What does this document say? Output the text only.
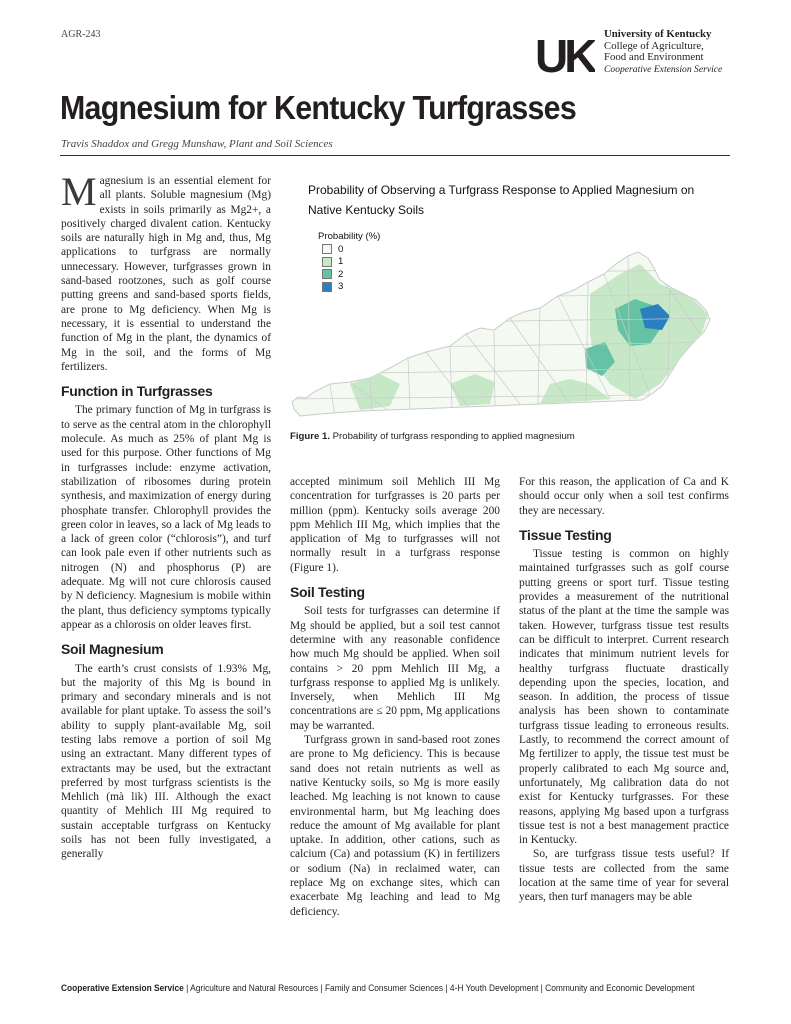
AGR-243	UK University of Kentucky
College of Agriculture,
Food and Environment
Cooperative Extension Service
Magnesium for Kentucky Turfgrasses
Travis Shaddox and Gregg Munshaw, Plant and Soil Sciences

Magnesium is an essential element for all plants. Soluble magnesium (Mg) exists in soils primarily as Mg2+, a positively charged divalent cation. Kentucky soils are naturally high in Mg and, thus, Mg applications to turfgrass are normally unnecessary. However, turfgrasses grown in sand-based rootzones, such as golf course putting greens and sand-based sports fields, are prone to Mg deficiency. When Mg is necessary, it is essential to understand the function of Mg in the plant, the dynamics of Mg in the soil, and the forms of Mg fertilizers.

Function in Turfgrasses

The primary function of Mg in turfgrass is to serve as the central atom in the chlorophyll molecule. As much as 25% of plant Mg is used for this purpose. Other functions of Mg in turfgrasses include: enzyme activation, stabilization of ribosomes during protein synthesis, and maximization of energy during phosphate transfer. Chlorophyll provides the green color in leaves, so a lack of Mg leads to a lack of green color (“chlorosis”), and turf can look pale even if other nutrients such as nitrogen (N) and phosphorus (P) are adequate. Mg will not cure chlorosis caused by N deficiency. Magnesium is mobile within the plant, thus deficiency symptoms typically appear as a chlorosis on older leaves first.

Soil Magnesium

The earth’s crust consists of 1.93% Mg, but the majority of this Mg is bound in primary and secondary minerals and is not available for plant uptake. To assess the soil’s ability to supply plant-available Mg, soil testing labs remove a portion of soil Mg using an extractant. Many different types of extractants may be used, but the extractant preferred by most turfgrass scientists is the Mehlich (mà lik) III. Although the exact quantity of Mehlich III Mg required to sustain acceptable turfgrass on Kentucky soils has not been fully investigated, a generally

Probability of Observing a Turfgrass Response to Applied Magnesium on Native Kentucky Soils
Probability (%)
0
1
2
3
Figure 1. Probability of turfgrass responding to applied magnesium

accepted minimum soil Mehlich III Mg concentration for turfgrasses is 20 parts per million (ppm). Kentucky soils average 200 ppm Mehlich III Mg, which implies that the application of Mg to turfgrasses will not normally result in a turfgrass response (Figure 1).

Soil Testing

Soil tests for turfgrasses can determine if Mg should be applied, but a soil test cannot determine with any reasonable confidence how much Mg should be applied. When soil contains > 20 ppm Mehlich III Mg, a turfgrass response to applied Mg is unlikely. Inversely, when Mehlich III Mg concentrations are ≤ 20 ppm, Mg applications may be warranted.

Turfgrass grown in sand-based root zones are prone to Mg deficiency. This is because sand does not retain nutrients as well as native Kentucky soils, so Mg is more easily leached. Mg leaching is not known to cause environmental harm, but Mg leaching does reduce the amount of Mg available for plant uptake. In addition, other cations, such as calcium (Ca) and potassium (K) in fertilizers or sodium (Na) in reclaimed water, can replace Mg on exchange sites, which can exacerbate Mg leaching and lead to Mg deficiency.

For this reason, the application of Ca and K should occur only when a soil test confirms they are necessary.

Tissue Testing

Tissue testing is common on highly maintained turfgrasses such as golf course putting greens or sport turf. Tissue testing provides a measurement of the nutritional status of the plant at the time the sample was taken. However, turfgrass tissue test results can be difficult to interpret. Current research indicates that minimum nutrient levels for healthy turfgrass fluctuate drastically depending upon the species, location, and season. In addition, the process of tissue analysis has been shown to contaminate turfgrass tissue leading to erroneous results. Lastly, to recommend the correct amount of Mg fertilizer to apply, the tissue test must be properly calibrated to each Mg source and, unfortunately, Mg calibration data do not exist for Kentucky turfgrasses. For these reasons, applying Mg based upon a turfgrass tissue test is not a best management practice in Kentucky.

So, are turfgrass tissue tests useful? If tissue tests are collected from the same location at the same time of year for several years, then turf managers may be able

Cooperative Extension Service | Agriculture and Natural Resources | Family and Consumer Sciences | 4-H Youth Development | Community and Economic Development
